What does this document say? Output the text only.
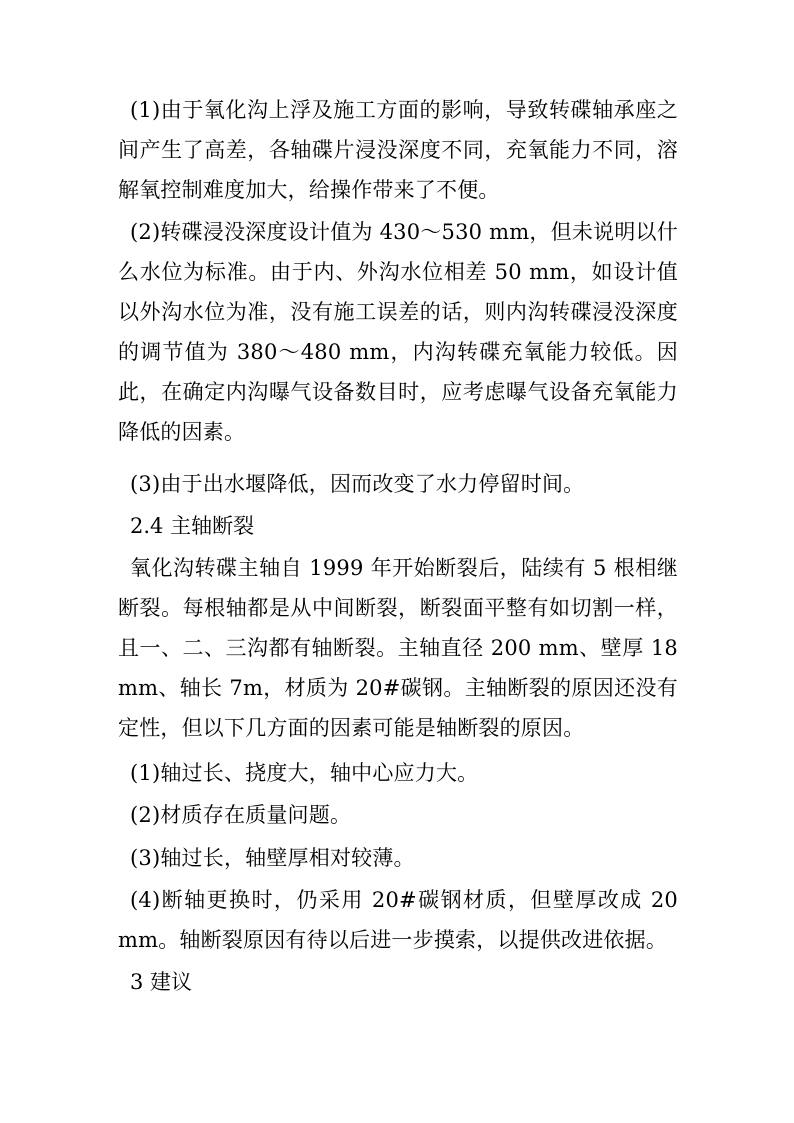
(1)由于氧化沟上浮及施工方面的影响，导致转碟轴承座之间产生了高差，各轴碟片浸没深度不同，充氧能力不同，溶解氧控制难度加大，给操作带来了不便。

(2)转碟浸没深度设计值为 430～530 mm，但未说明以什么水位为标准。由于内、外沟水位相差 50 mm，如设计值以外沟水位为准，没有施工误差的话，则内沟转碟浸没深度的调节值为 380～480 mm，内沟转碟充氧能力较低。因此，在确定内沟曝气设备数目时，应考虑曝气设备充氧能力降低的因素。

(3)由于出水堰降低，因而改变了水力停留时间。

2.4 主轴断裂

氧化沟转碟主轴自 1999 年开始断裂后，陆续有 5 根相继断裂。每根轴都是从中间断裂，断裂面平整有如切割一样，且一、二、三沟都有轴断裂。主轴直径 200 mm、壁厚 18 mm、轴长 7m，材质为 20#碳钢。主轴断裂的原因还没有定性，但以下几方面的因素可能是轴断裂的原因。

(1)轴过长、挠度大，轴中心应力大。

(2)材质存在质量问题。

(3)轴过长，轴壁厚相对较薄。

(4)断轴更换时，仍采用 20#碳钢材质，但壁厚改成 20 mm。轴断裂原因有待以后进一步摸索，以提供改进依据。

3 建议
